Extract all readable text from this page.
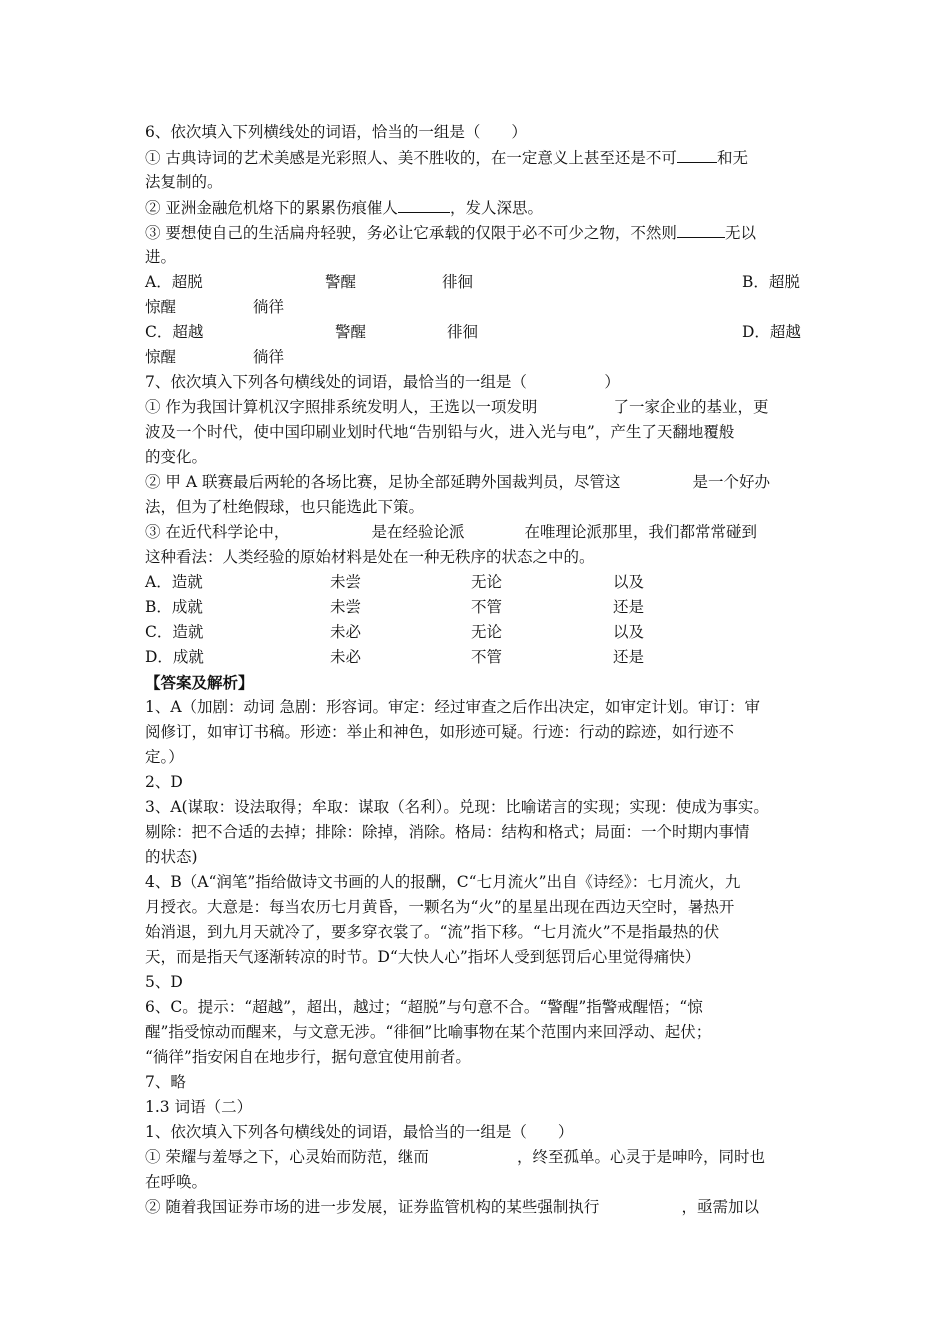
6、依次填入下列横线处的词语，恰当的一组是（　　）
① 古典诗词的艺术美感是光彩照人、美不胜收的，在一定意义上甚至还是不可	和无
法复制的。
② 亚洲金融危机烙下的累累伤痕催人	，发人深思。
③ 要想使自己的生活扁舟轻驶，务必让它承载的仅限于必不可少之物，不然则	无以
进。
A．超脱	警醒	徘徊	B．超脱
惊醒	徜徉
C．超越	警醒	徘徊	D．超越
惊醒	徜徉
7、依次填入下列各句横线处的词语，最恰当的一组是（　　　　　）
① 作为我国计算机汉字照排系统发明人，王选以一项发明	了一家企业的基业，更
波及一个时代，使中国印刷业划时代地“告别铅与火，进入光与电”，产生了天翻地覆般
的变化。
② 甲 A 联赛最后两轮的各场比赛，足协全部延聘外国裁判员，尽管这	是一个好办
法，但为了杜绝假球，也只能选此下策。
③ 在近代科学论中，	是在经验论派	在唯理论派那里，我们都常常碰到
这种看法：人类经验的原始材料是处在一种无秩序的状态之中的。
A．造就	未尝	无论	以及
B．成就	未尝	不管	还是
C．造就	未必	无论	以及
D．成就	未必	不管	还是
【答案及解析】
1、A（加剧：动词 急剧：形容词。审定：经过审查之后作出决定，如审定计划。审订：审
阅修订，如审订书稿。形迹：举止和神色，如形迹可疑。行迹：行动的踪迹，如行迹不
定。）
2、D
3、A(谋取：设法取得；牟取：谋取（名利）。兑现：比喻诺言的实现；实现：使成为事实。
剔除：把不合适的去掉；排除：除掉，消除。格局：结构和格式；局面：一个时期内事情
的状态)
4、B（A“润笔”指给做诗文书画的人的报酬，C“七月流火”出自《诗经》：七月流火，九
月授衣。大意是：每当农历七月黄昏，一颗名为“火”的星星出现在西边天空时，暑热开
始消退，到九月天就冷了，要多穿衣裳了。“流”指下移。“七月流火”不是指最热的伏
天，而是指天气逐渐转凉的时节。D“大快人心”指坏人受到惩罚后心里觉得痛快）
5、D
6、C。提示：“超越”，超出，越过；“超脱”与句意不合。“警醒”指警戒醒悟；“惊
醒”指受惊动而醒来，与文意无涉。“徘徊”比喻事物在某个范围内来回浮动、起伏；
“徜徉”指安闲自在地步行，据句意宜使用前者。
7、略
1.3 词语（二）
1、依次填入下列各句横线处的词语，最恰当的一组是（　　）
① 荣耀与羞辱之下，心灵始而防范，继而	，终至孤单。心灵于是呻吟，同时也
在呼唤。
② 随着我国证券市场的进一步发展，证券监管机构的某些强制执行	，亟需加以
